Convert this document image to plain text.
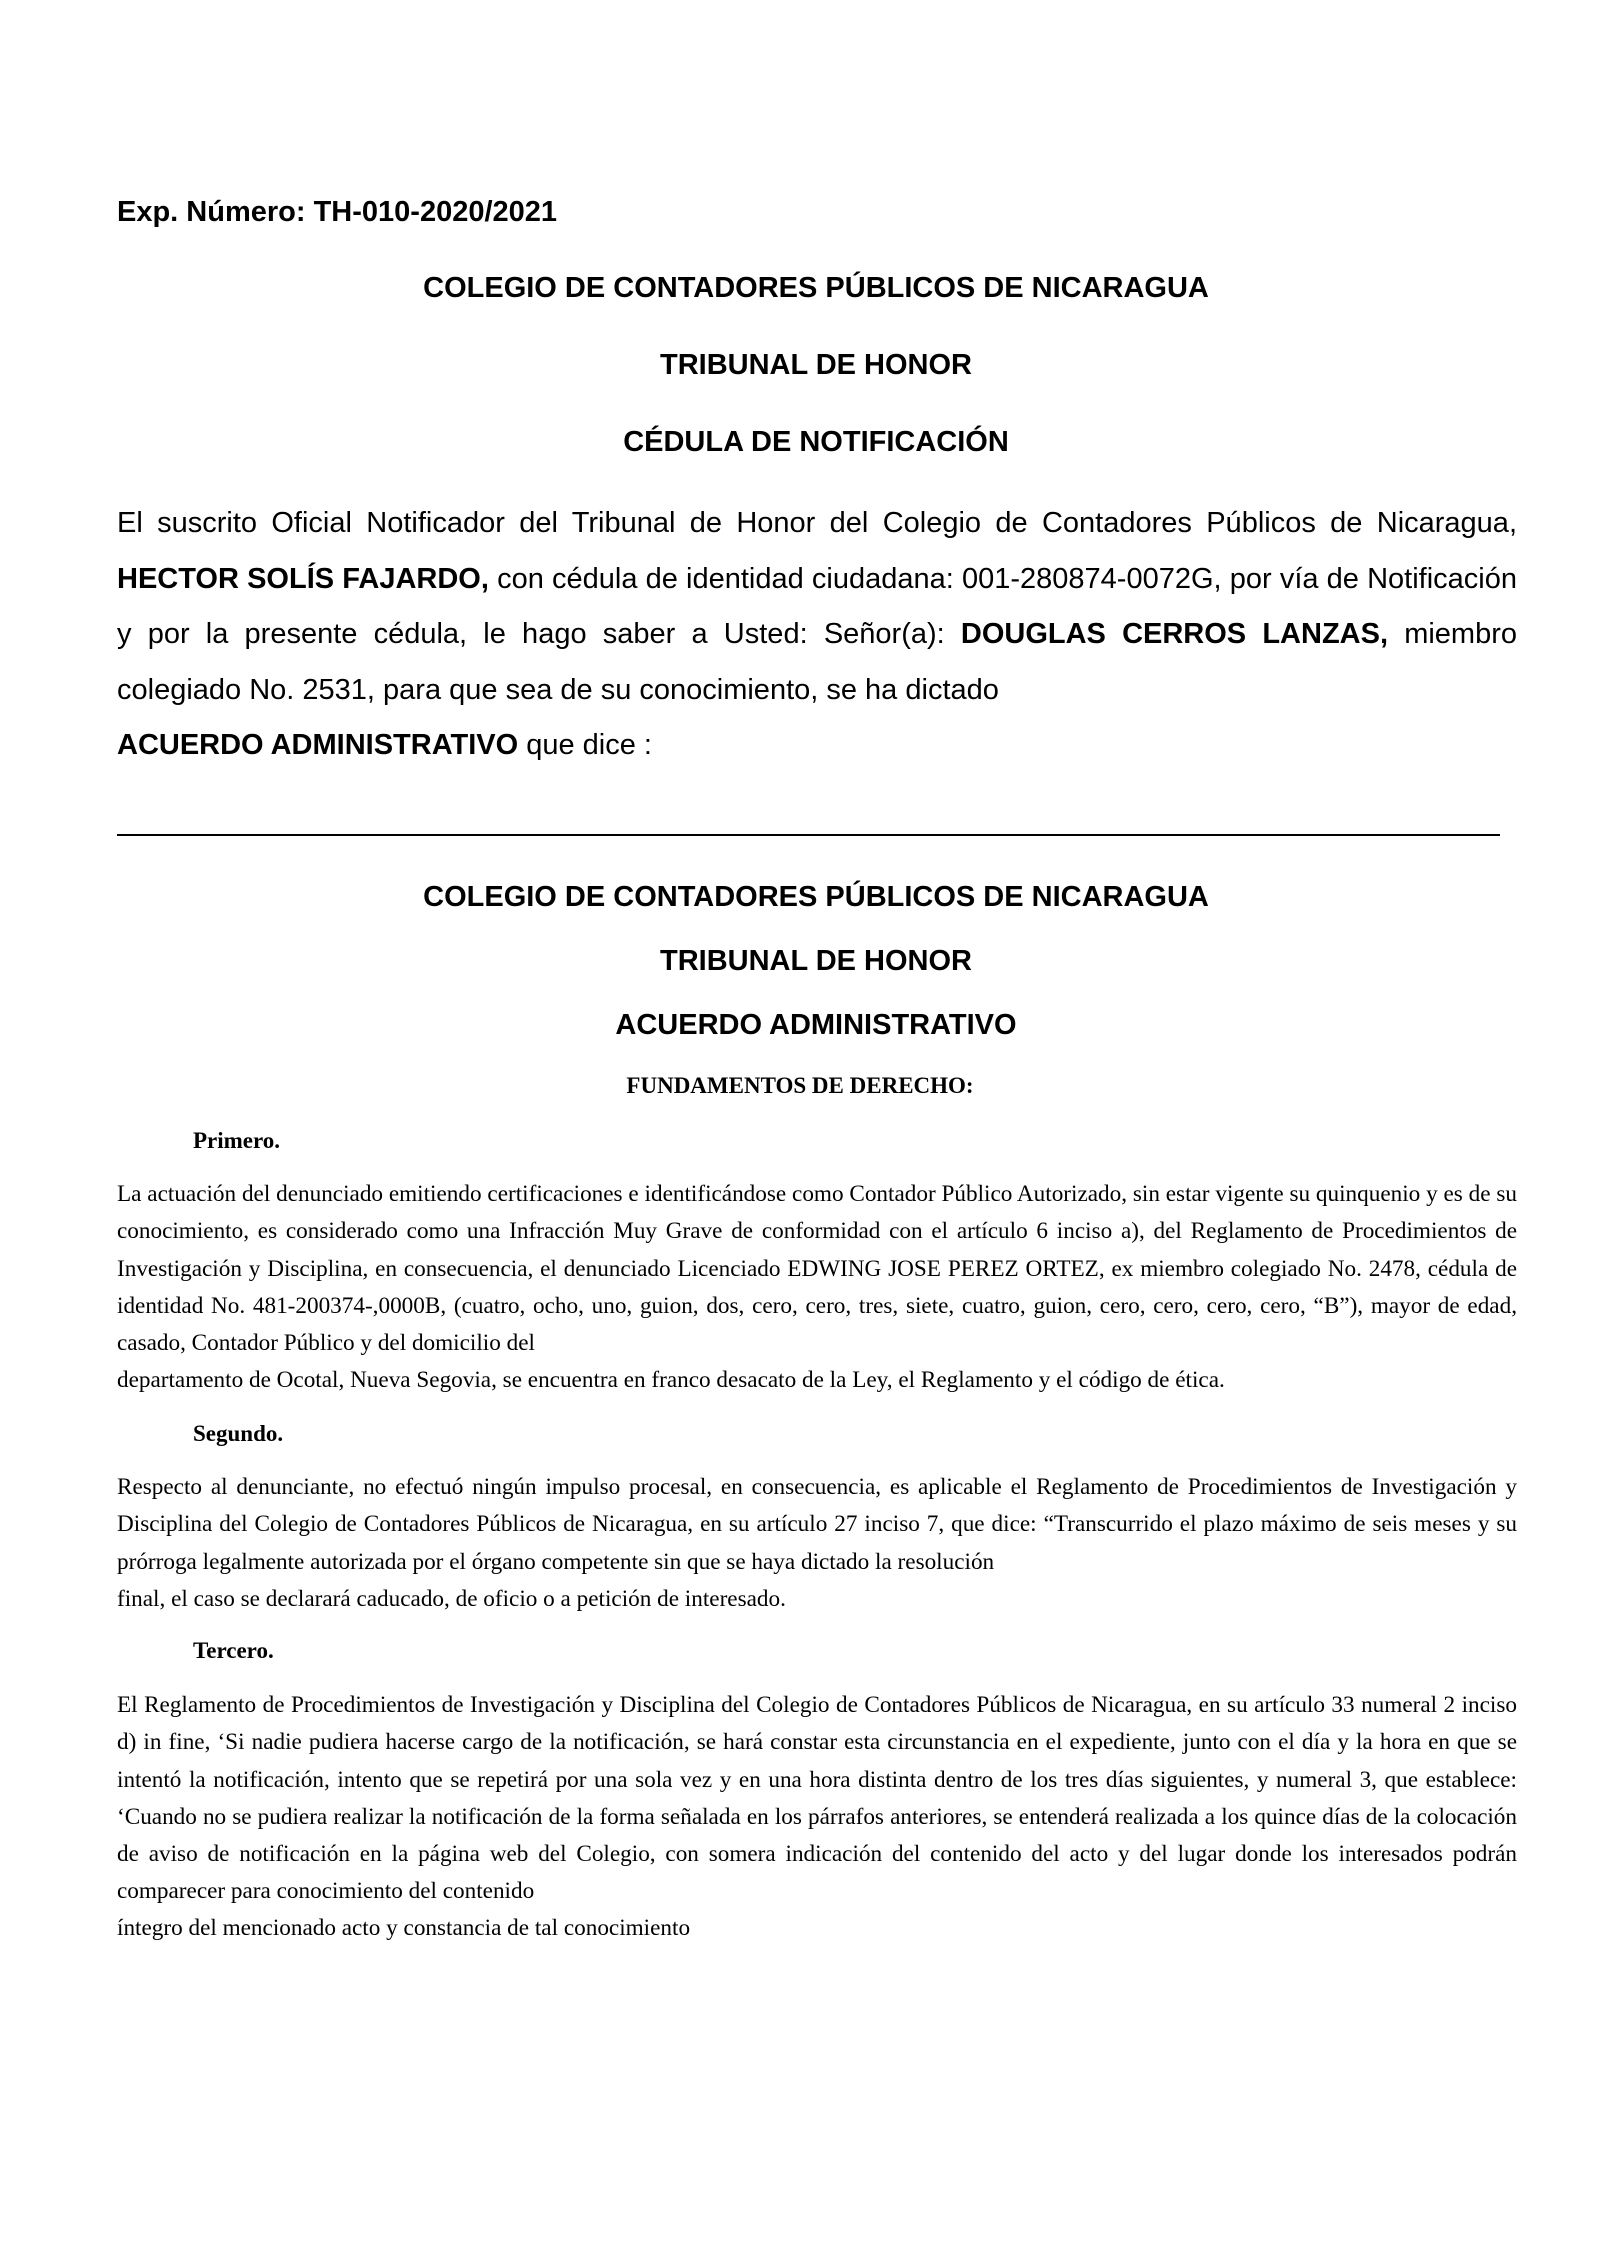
Exp. Número: TH-010-2020/2021
COLEGIO DE CONTADORES PÚBLICOS DE NICARAGUA
TRIBUNAL DE HONOR
CÉDULA DE NOTIFICACIÓN

El suscrito Oficial Notificador del Tribunal de Honor del Colegio de Contadores Públicos de Nicaragua, HECTOR SOLÍS FAJARDO, con cédula de identidad ciudadana: 001-280874-0072G, por vía de Notificación y por la presente cédula, le hago saber a Usted: Señor(a): DOUGLAS CERROS LANZAS, miembro colegiado No. 2531, para que sea de su conocimiento, se ha dictado

ACUERDO ADMINISTRATIVO que dice :

COLEGIO DE CONTADORES PÚBLICOS DE NICARAGUA
TRIBUNAL DE HONOR
ACUERDO ADMINISTRATIVO
FUNDAMENTOS DE DERECHO:
Primero.

La actuación del denunciado emitiendo certificaciones e identificándose como Contador Público Autorizado, sin estar vigente su quinquenio y es de su conocimiento, es considerado como una Infracción Muy Grave de conformidad con el artículo 6 inciso a), del Reglamento de Procedimientos de Investigación y Disciplina, en consecuencia, el denunciado Licenciado EDWING JOSE PEREZ ORTEZ, ex miembro colegiado No. 2478, cédula de identidad No. 481-200374-,0000B, (cuatro, ocho, uno, guion, dos, cero, cero, tres, siete, cuatro, guion, cero, cero, cero, cero, “B”), mayor de edad, casado, Contador Público y del domicilio del

departamento de Ocotal, Nueva Segovia, se encuentra en franco desacato de la Ley, el Reglamento y el código de ética.

Segundo.

Respecto al denunciante, no efectuó ningún impulso procesal, en consecuencia, es aplicable el Reglamento de Procedimientos de Investigación y Disciplina del Colegio de Contadores Públicos de Nicaragua, en su artículo 27 inciso 7, que dice: “Transcurrido el plazo máximo de seis meses y su prórroga legalmente autorizada por el órgano competente sin que se haya dictado la resolución

final, el caso se declarará caducado, de oficio o a petición de interesado.

Tercero.

El Reglamento de Procedimientos de Investigación y Disciplina del Colegio de Contadores Públicos de Nicaragua, en su artículo 33 numeral 2 inciso d) in fine, ‘Si nadie pudiera hacerse cargo de la notificación, se hará constar esta circunstancia en el expediente, junto con el día y la hora en que se intentó la notificación, intento que se repetirá por una sola vez y en una hora distinta dentro de los tres días siguientes, y numeral 3, que establece: ‘Cuando no se pudiera realizar la notificación de la forma señalada en los párrafos anteriores, se entenderá realizada a los quince días de la colocación de aviso de notificación en la página web del Colegio, con somera indicación del contenido del acto y del lugar donde los interesados podrán comparecer para conocimiento del contenido

íntegro del mencionado acto y constancia de tal conocimiento
